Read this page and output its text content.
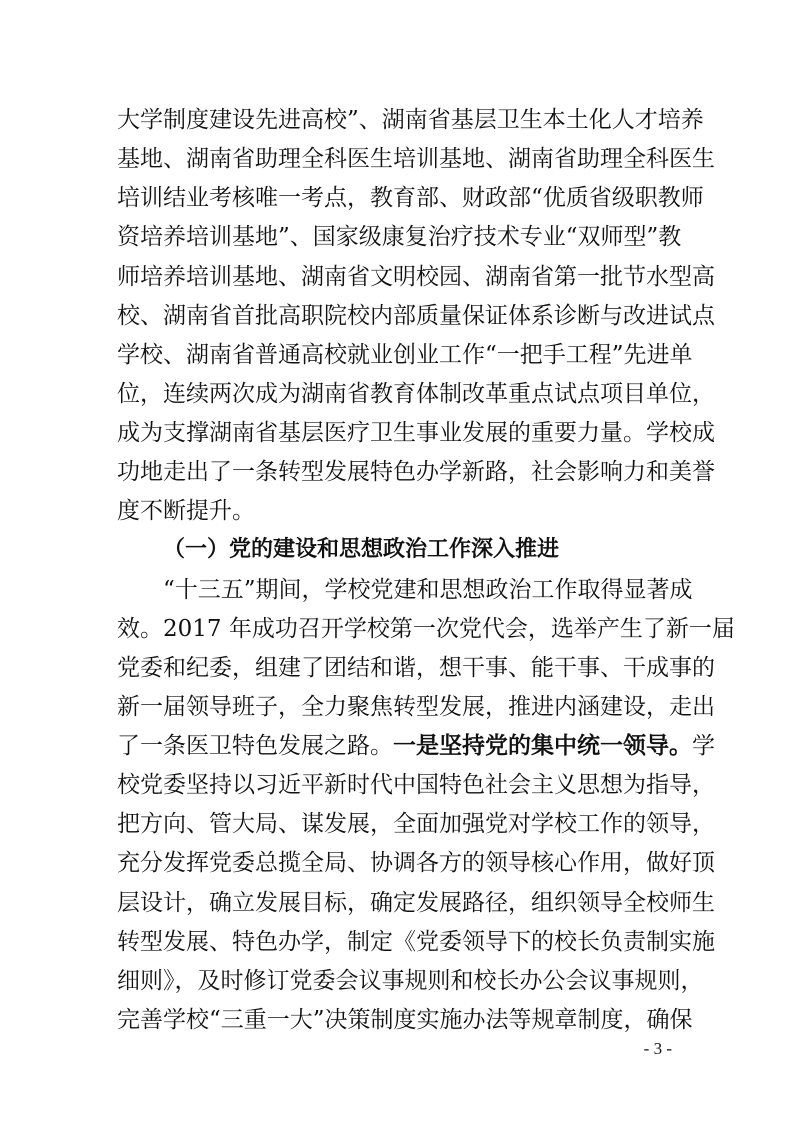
大学制度建设先进高校”、湖南省基层卫生本土化人才培养
基地、湖南省助理全科医生培训基地、湖南省助理全科医生
培训结业考核唯一考点，教育部、财政部“优质省级职教师
资培养培训基地”、国家级康复治疗技术专业“双师型”教
师培养培训基地、湖南省文明校园、湖南省第一批节水型高
校、湖南省首批高职院校内部质量保证体系诊断与改进试点
学校、湖南省普通高校就业创业工作“一把手工程”先进单
位，连续两次成为湖南省教育体制改革重点试点项目单位，
成为支撑湖南省基层医疗卫生事业发展的重要力量。学校成
功地走出了一条转型发展特色办学新路，社会影响力和美誉
度不断提升。
（一）党的建设和思想政治工作深入推进
“十三五”期间，学校党建和思想政治工作取得显著成
效。2017 年成功召开学校第一次党代会，选举产生了新一届
党委和纪委，组建了团结和谐，想干事、能干事、干成事的
新一届领导班子，全力聚焦转型发展，推进内涵建设，走出
了一条医卫特色发展之路。一是坚持党的集中统一领导。学
校党委坚持以习近平新时代中国特色社会主义思想为指导，
把方向、管大局、谋发展，全面加强党对学校工作的领导，
充分发挥党委总揽全局、协调各方的领导核心作用，做好顶
层设计，确立发展目标，确定发展路径，组织领导全校师生
转型发展、特色办学，制定《党委领导下的校长负责制实施
细则》，及时修订党委会议事规则和校长办公会议事规则，
完善学校“三重一大”决策制度实施办法等规章制度，确保
- 3 -
